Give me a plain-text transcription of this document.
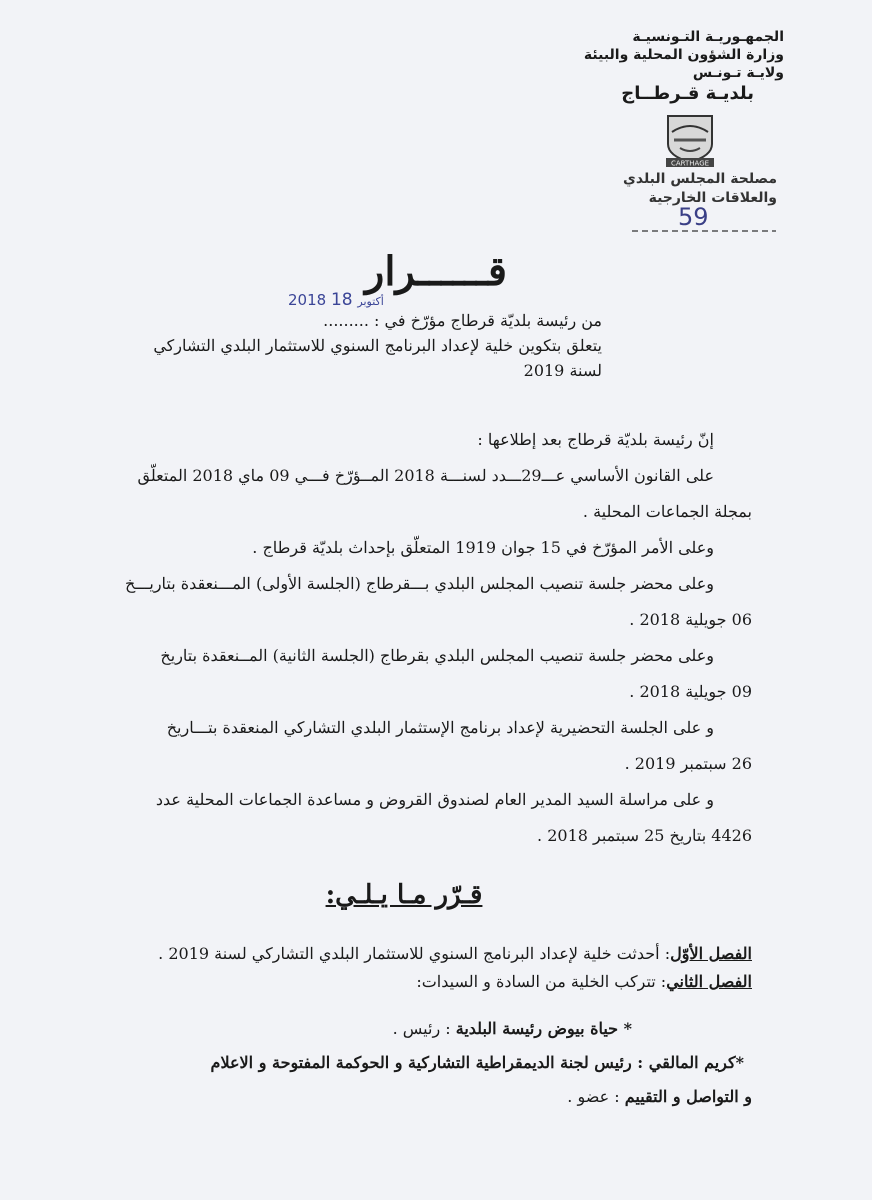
الجمهـوريـة التـونسيـة
وزارة الشؤون المحلية والبيئة
ولايـة تـونـس
بلديـة قـرطــاج
CARTHAGE
مصلحة المجلس البلدي
والعلاقات الخارجية
59
قــــــرار
2018	أكتوبر 18

من رئيسة بلديّة قرطاج مؤرّخ في : .........

يتعلق بتكوين خلية لإعداد البرنامج السنوي للاستثمار البلدي التشاركي

لسنة 2019

إنّ رئيسة بلديّة قرطاج بعد إطلاعها :

على القانون الأساسي عـــ29ـــدد لسنـــة 2018 المــؤرّخ فـــي 09 ماي 2018 المتعلّق

بمجلة الجماعات المحلية .

وعلى الأمر المؤرّخ في 15 جوان 1919 المتعلّق بإحداث بلديّة قرطاج .

وعلى محضر جلسة تنصيب المجلس البلدي بـــقرطاج (الجلسة الأولى) المـــنعقدة بتاريـــخ

06 جويلية 2018 .

وعلى محضر جلسة تنصيب المجلس البلدي بقرطاج (الجلسة الثانية) المــنعقدة بتاريخ

09 جويلية 2018 .

و على الجلسة التحضيرية لإعداد برنامج الإستثمار البلدي التشاركي المنعقدة بتـــاريخ

26 سبتمبر 2019 .

و على مراسلة السيد المدير العام لصندوق القروض و مساعدة الجماعات المحلية عدد

4426 بتاريخ 25 سبتمبر 2018 .

قـرّر مـا يـلـي:

الفصل الأوّل: أحدثت خلية لإعداد البرنامج السنوي للاستثمار البلدي التشاركي لسنة 2019 .

الفصل الثاني: تتركب الخلية من السادة و السيدات:

* حياة بيوض رئيسة البلدية : رئيس .

*كريم المالقي : رئيس لجنة الديمقراطية التشاركية و الحوكمة المفتوحة و الاعلام

و التواصل و التقييم : عضو .
